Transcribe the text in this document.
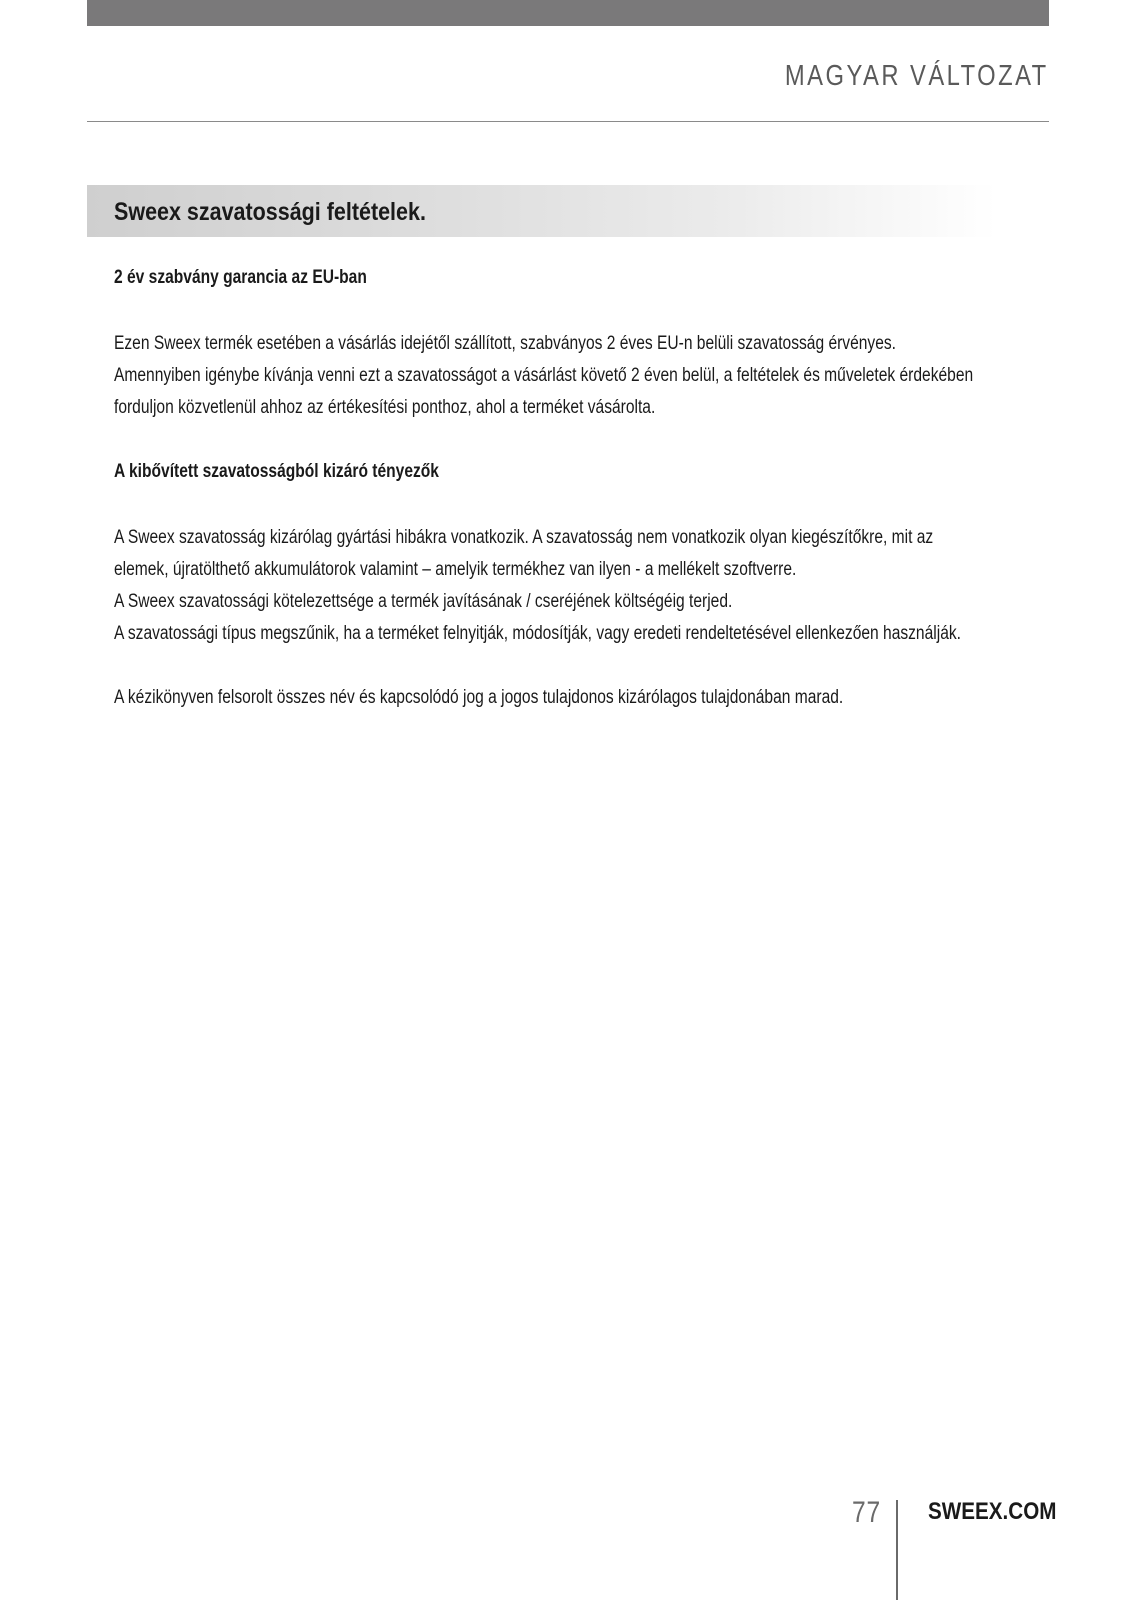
MAGYAR VÁLTOZAT
Sweex szavatossági feltételek.

2 év szabvány garancia az EU-ban

Ezen Sweex termék esetében a vásárlás idejétől szállított, szabványos 2 éves EU-n belüli szavatosság érvényes.
Amennyiben igénybe kívánja venni ezt a szavatosságot a vásárlást követő 2 éven belül, a feltételek és műveletek érdekében
forduljon közvetlenül ahhoz az értékesítési ponthoz, ahol a terméket vásárolta.

A kibővített szavatosságból kizáró tényezők

A Sweex szavatosság kizárólag gyártási hibákra vonatkozik. A szavatosság nem vonatkozik olyan kiegészítőkre, mit az
elemek, újratölthető akkumulátorok valamint – amelyik termékhez van ilyen - a mellékelt szoftverre.
A Sweex szavatossági kötelezettsége a termék javításának / cseréjének költségéig terjed.
A szavatossági típus megszűnik, ha a terméket felnyitják, módosítják, vagy eredeti rendeltetésével ellenkezően használják.
A kézikönyven felsorolt összes név és kapcsolódó jog a jogos tulajdonos kizárólagos tulajdonában marad.
77 SWEEX.COM
